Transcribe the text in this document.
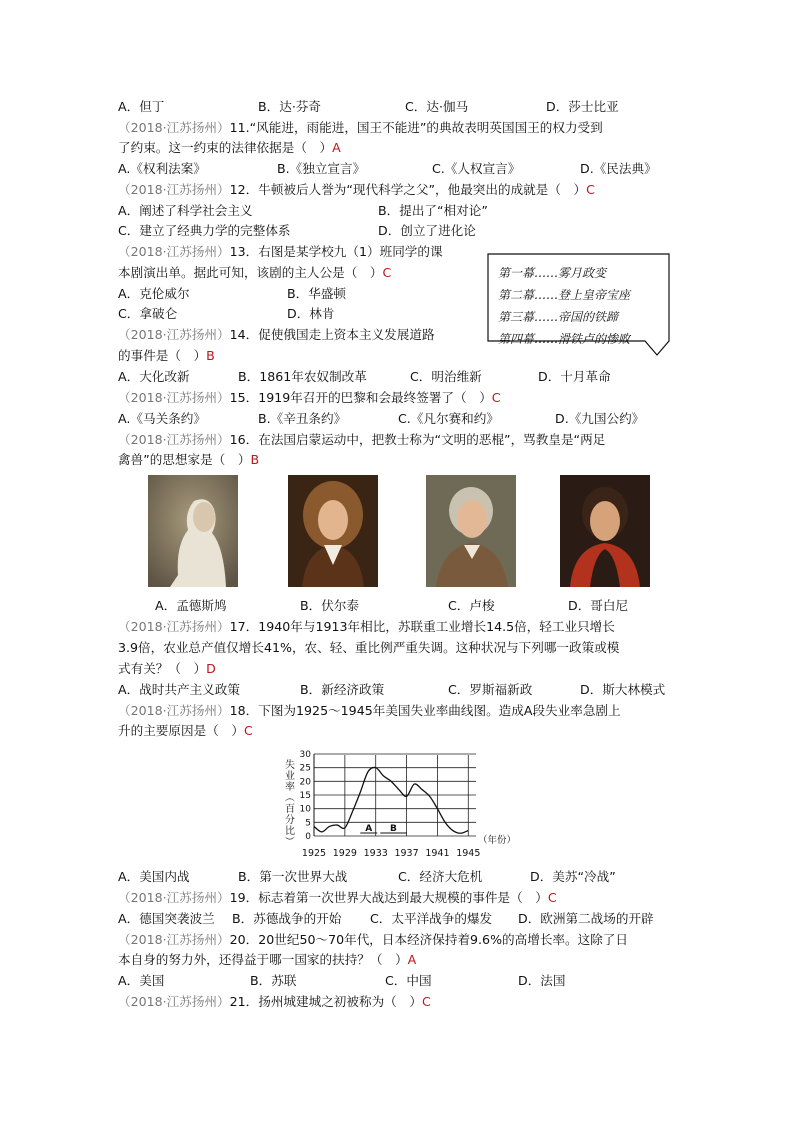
A．但丁	B．达·芬奇	C．达·伽马	D．莎士比亚
（2018·江苏扬州）11.“风能进，雨能进，国王不能进”的典故表明英国国王的权力受到
了约束。这一约束的法律依据是（　）A
A.《权利法案》	B.《独立宣言》	C.《人权宣言》	D.《民法典》
（2018·江苏扬州）12．牛顿被后人誉为“现代科学之父”，他最突出的成就是（　）C
A．阐述了科学社会主义	B．提出了“相对论”
C．建立了经典力学的完整体系	D．创立了进化论
（2018·江苏扬州）13．右图是某学校九（1）班同学的课
本剧演出单。据此可知，该剧的主人公是（　）C
A．克伦威尔	B．华盛顿
C．拿破仑	D．林肯
第一幕……雾月政变
第二幕……登上皇帝宝座
第三幕……帝国的铁蹄
第四幕……滑铁卢的惨败
（2018·江苏扬州）14．促使俄国走上资本主义发展道路
的事件是（　）B
A．大化改新	B．1861年农奴制改革	C．明治维新	D．十月革命
（2018·江苏扬州）15．1919年召开的巴黎和会最终签署了（　）C
A.《马关条约》	B.《辛丑条约》	C.《凡尔赛和约》	D.《九国公约》
（2018·江苏扬州）16．在法国启蒙运动中，把教士称为“文明的恶棍”，骂教皇是“两足
禽兽”的思想家是（　）B
A．孟德斯鸠	B．伏尔泰	C．卢梭	D．哥白尼
（2018·江苏扬州）17．1940年与1913年相比，苏联重工业增长14.5倍，轻工业只增长
3.9倍，农业总产值仅增长41%，农、轻、重比例严重失调。这种状况与下列哪一政策或模
式有关？（　）D
A．战时共产主义政策	B．新经济政策	C．罗斯福新政	D．斯大林模式
（2018·江苏扬州）18．下图为1925～1945年美国失业率曲线图。造成A段失业率急剧上
升的主要原因是（　）C
失
业
率
（
百
分
比
） 0
5
10
15
20
25
30
1925 1929 1933 1937 1941 1945
A B
（年份）
A．美国内战	B．第一次世界大战	C．经济大危机	D．美苏“冷战”
（2018·江苏扬州）19．标志着第一次世界大战达到最大规模的事件是（　）C
A．德国突袭波兰 B．苏德战争的开始 C．太平洋战争的爆发 D．欧洲第二战场的开辟
（2018·江苏扬州）20．20世纪50～70年代，日本经济保持着9.6%的高增长率。这除了日
本自身的努力外，还得益于哪一国家的扶持？（　）A
A．美国	B．苏联	C．中国	D．法国
（2018·江苏扬州）21．扬州城建城之初被称为（　）C
